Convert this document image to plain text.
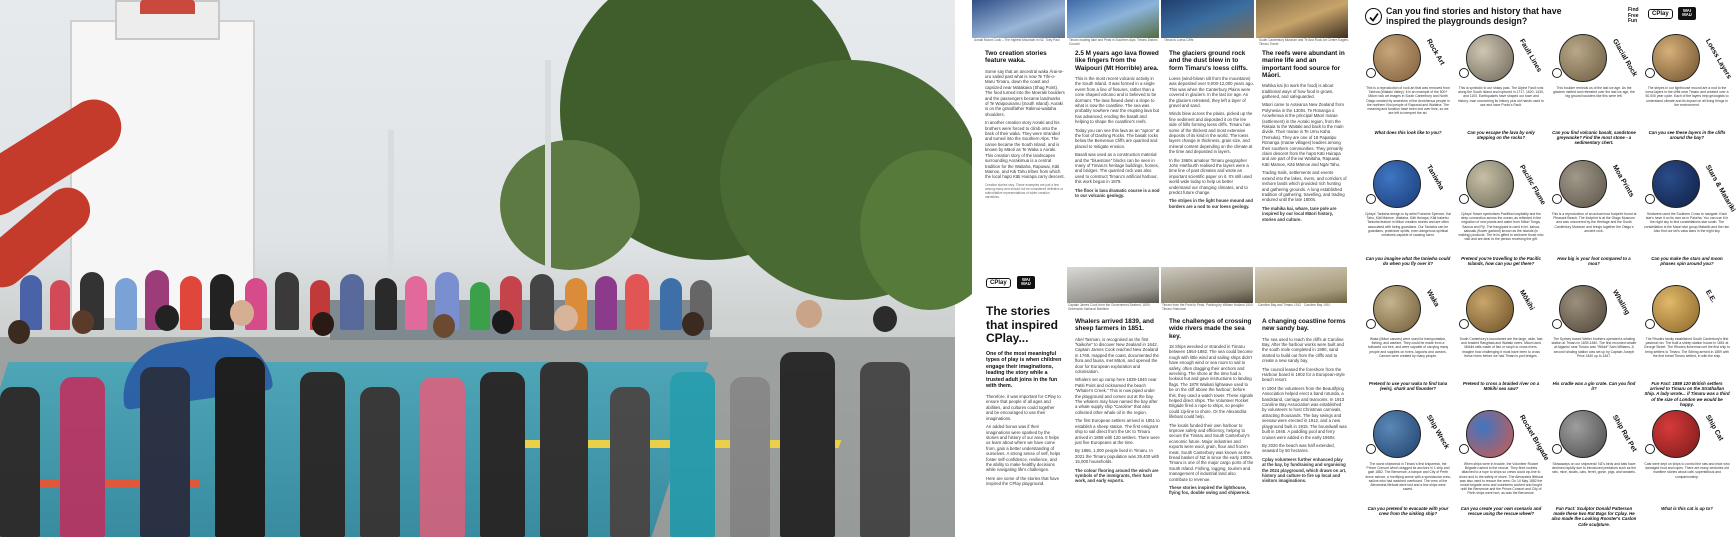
Aoraki Mount Cook – The highest Mountain in NZ. Toby Paul	Timaru boating lake and Peak in Southern Alps. Timaru District Council
Timaru's Loess Cliffs	South Canterbury Museum and Te Ana Rock Art Centre Eagles. Timaru Travel
Two creation stories feature waka.
Some say that an ancestral waka Ārai-te-uru sailed past what is now Te Tihi-o-Maru Timaru, down the coast and capsized near Matakaea (Shag Point). The food turned into the Moeraki boulders and the passengers became landmarks of Te Waipounamu (South Island). Aoraki is on the grandfather Rakinui-waitaha shoulders.
In another creation story Aoraki and his brothers were forced to climb onto the back of their waka. They were stranded and turned into the Southern Alps. The canoe became the South Island, and is known by Māori as Te Waka o Aoraki. This creation story of the landscapes surrounding Aorakimua is a central tradition for the Waitaha, Rapuwai, Kāti Mamoe, and Kāi Tahu tribes from which the local hapū Kāti Huirapa carry descent.
Creation stories vary. These examples are just a few among many and should not be considered definitive or authoritative representations of wider creation narratives.
2.5 M years ago lava flowed like fingers from the Waipouri (Mt Horrible) area.
This is the most recent volcanic activity in the South Island. It was formed in a single event from a line of fissures, rather than a cone shaped volcano and is believed to be dormant. The lava flowed down a slope to what is now the coastline. The sea was probably nowhere near the erupting lava but has advanced, eroding the basalt and helping to shape the coastline's reefs.
Today you can see this lava as an "apron" at the foot of Dashing Rocks. The basalt rocks below the Benvenue Cliffs are quarried and placed to mitigate erosion.
Basalt was used as a construction material and the "bluestone" blocks can be seen in many of Timaru's heritage buildings, homes, and bridges. The quarried rock was also used to construct Timaru's artificial harbour, this work began in 1878.
The floor is lava dramatic course is a nod to our volcanic geology.
The glaciers ground rock and the dust blew in to form Timaru's loess cliffs.
Loess (wind-blown silt from the mountains) was deposited over 9,000-12,000 years ago. This was when the Canterbury Plains were covered in glaciers. In the last ice age. As the glaciers retreated, they left a layer of gravel and sand.
Winds blew across the plains, picked up the fine sediment and deposited it on the lee side of hills forming loess cliffs. Timaru has some of the thickest and most extensive deposits of its kind in the world. The loess layers change in thickness, grain size, and mineral content depending on the climate at the time and deposited in layers.
In the 1960s amateur Timaru geographer John Hartfourth realised the layers were a time line of past climates and wrote an important scientific paper on it. It's still used world wide today to help us better understand our changing climates, and to predict future change.
The stripes in the light house mound and borders are a nod to our loess geology.
The reefs were abundant in marine life and an important food source for Māori.
Mahika kai (to work the food) is about traditional ways of how food is grown, gathered, and safeguarded.
Māori came to Aotearoa New Zealand from Polynesia in the 1300s. Te Rūnanga o Arowhenua is the principal Māori marae (settlement) in the Aoraki region, from the Rakaia to the Waitaki and back to the main divide. Their marae is Te Umu Kaha (Temuka). They are one of 18 Papatipu Rūnanga (marae villages) leaders among their southern communities. They primarily claim descent from the hapū Kāti Huirapa and are part of the iwi Waitaha, Rapuwai, Kāti Mamoe, Kāti Māmoe and Ngāi Tahu.
Trading trails, settlements and events extend into the lakes, rivers, and corridors of inshore lands which provided rich hunting and gathering grounds. A long established tradition of gathering, travelling, and trading endured until the late 1800s.
The mahika kai, whare, tane pole are inspired by our local Māori history, stories and culture.
CPlay
WAI MAU
Captain James Cook from the Government-Seabed, 1809. Greenwich National Maritime
Timaru from the Point to Peak, Painting by William Holland 1900. Timaru Historical
Caroline Bay and Timaru 1912 Caroline Bay 1910
The stories that inspired CPlay...
One of the most meaningful types of play is when children engage their imaginations, leading the story while a trusted adult joins in the fun with them.
Therefore, it was important for CPlay to ensure that people of all ages and abilities, and cultures could together and be encouraged to use their imaginations.
An added bonus was if their imaginations were sparked by the stories and history of our area. It helps us learn about where we have come from, gain a better understanding of ourselves. A strong sense of self, helps foster self-confidence, resilience, and the ability to make healthy decisions while navigating life's challenges.
Here are some of the stories that have inspired the CPlay playground.
Whalers arrived 1839, and sheep farmers in 1851.
Abel Tasman, is recognised as the first "kaikohe" to discover New Zealand in 1642. Captain James Cook reached New Zealand in 1769, mapped the coast, documented the flora and fauna, met Māori, and opened the door for European exploration and colonisation.
Whalers set up camp here 1839-1840 near Patiti Point and nicknamed the beach "Whaler's Creek." This is now piped under the playground and comes out at the bay. The whalers may have named the bay after a whale supply ship "Caroline" that also collected other whale oil in the region.
The first European settlers arrived in 1851 to establish a sheep station. The first emigrant ship to sail direct from the UK to Timaru arrived in 1859 with 120 settlers. There were just five Europeans at the time.
By 1866, 1,000 people lived in Timaru. In 2021 the Timaru population was 29,400 with 15,000 households.
The colour flooring around the winch are symbols of the immigrants, their hard work, and early exports.
The challenges of crossing wide rivers made the sea key.
18 Ships wrecked or stranded in Timaru between 1864-1882. The sea could become rough with little wind and sailing ships didn't have enough wind or sea room to sail to safety, often dragging their anchors and wrecking. The shore at the time had a lookout hut and gave instructions to landing flags. The 1878 Waikati lightwave used to be on the cliff above the harbour; before this, they used a watch tower. These signals helped direct ships. The Volunteer Rocket Brigade fired a rope to ships, so people could zip-line to shore. Or the Alexandria lifeboat could help.
The locals funded their own harbour to improve safety and efficiency, helping to secure the Timaru and South Canterbury's economic future. Major industries and exports were wool, grain, flour and frozen meat. South Canterbury was known as the bread basket of NZ in since the early 1900s. Timaru is one of the major cargo ports of the South Island. Fishing, logging, tourism and management of industrial land also contribute to revenue.
These stories inspired the lighthouse, flying fox, double swing and shipwreck.
A changing coastline forms new sandy bay.
The sea used to reach the cliffs at Caroline Bay. After the harbour works were built and the south mole completed in 1890, sand started to build out from the cliffs and to create a new sandy bay.
The council leased the foreshore from the Harbour board in 1902 for a European-style beach resort.
In 1904 the volunteers from the Beautifying Association helped erect a band rotunda, a bandstand, carriage and tearooms. In 1913 Caroline Bay Association was established by volunteers to host Christmas carnivals, attracting thousands. The bay swings and seesaw were erected in 1912, and a new playground built in 1915. The boundwall was built in 1946. A paddling pool and ferry cruises were added in the early 1960s.
By 2020 the beach was half extended, seaward by 50 hectares.
Cplay volunteers further enhanced play at the bay, by fundraising and organising the 2024 playground, which draws on art, history and culture to fire up local and visitors imaginations.
Can you find stories and history that have inspired the playgrounds design?
Find Free Fun
CPlay
WAI MAU
Rock Art
This is a reproduction of rock art that was removed from Takiroa (Waitaki Valley). It is an example of the 500+ Māori rock art images in South Canterbury and North Otago created by ancestors of the Arowhenua people in the northern Kiwi people of Rapuwai and Waitaha. The meaning and function have been lost over time, so we are left to interpret the art.
What does this look like to you?
Fault Lines
This is symbolic to our shaky past. The Alpine Fault runs along the South Island and ruptured in 1717, 1620, 1430, and 1100. Earthquakes have shaped our town and history, man uncovering its history plus old hands used to use and have Ponto's Fault.
Can you escape the lava by only stepping on the rocks?
Glacial Rock
This boulder reminds us of the last ice age. As the glaciers melted and retreated over the last ice age, the big ground boulders like this were left.
Can you find volcanic basalt, sandstone greywacke? Find the most stone - a sedimentary chert.
Loess Layers
The stripes in our lighthouse mound are a nod to the loess layers in the cliffs near Timaru and created over a 50,000 year cycle. Each of the layers help geologists to understand climate and its impact on all living things in the environment.
Can you see these layers in the cliffs around the bay?
Taniwha
Cplays' Taniwha design is by artist Francine Spencer, Kai Tahu, Kāti Mamoe, Waitaha, Kāti Huirapa, Kāti Irakehu. Taniwha feature in Māori creation stories and are often associated with being guardians. Our Taniwha can be guardians, protective spirits, even dangerous spiritual creatures capable of causing harm.
Can you imagine what the taniwha could do when you fly over it?
Pacific Flame
Cplays' flower symbolises Pacifika hospitality and the deep connection across the ocean, as reflected in the migration of new plants and water from Māori Tonga, Samoa and Fiji. The frangipani is used in lei, kahoa, salusalu (flower garland) known as the Islands (in making) products. The lei is gifted to welcome those who visit and are dear to the person receiving the gift.
Pretend you're travelling to the Pacific Islands, how can you get there?
Moa Prints
This is a reproduction of an actual moa footprint found at Pleasant Beach. The footprint is at the Otago Museum and was uncovered by the Heritage and the South Canterbury Museum and brings together the Otago's ancient rock.
How big is your foot compared to a moa?
Stars & Matariki
Seafarers used the Southern Cross to navigate. Each star's have it on its own as in Pakeha. You can use it in the night sky to find constellations star south. The constellation is the Maori star group Matariki and the rise. Also find our iwi's vaka stars in the night sky.
Can you make the stars and moon phases spin around you?
Waka
Waka (Māori canoes) were used for transportation, fishing, and warfare. They could be made from a hollowed out tree, and were capable of carrying many people and supplies on rivers, lagoons and oceans. Canoes were created by many people.
Pretend to use your waka to find tuna (eels), shark and flounder?
Mōkihi
South Canterbury's boundaries are the large, wide, fast and braided Rangitata and Waitaki rivers. Māori used Mōkihi rafts made of flax or raupō to cross rivers. Imagine how challenging it must have been to cross these rivers before we had Timaru's port bridges.
Pretend to cross a braided river on a Mōkihi sea saw?
Whaling
The Sydney based Weller brothers operated a whaling station at Timaru in 1839-1840. The first recorded whaler at Aigantui near Timaru was "Wiklof" Sam Williams. A second whaling station was set up by Captain Joseph Price 1840 up to 1847.
His cradle was a gin crate. Can you find it?
E.E.
The Rhodes family established South Canterbury's first pastoral run. The built a sheep station house in 1851 at George Street. The Rhodes fisherman set the first ship to bring settlers to Timaru. The Stirling arrived in 1859 with the first bread Timaru settled, in with the ship.
Fun Fact: 1859 120 British settlers arrived to Timaru on the Strathallan Ship. A lady wrote... if Timaru was a third of the size of London we would be happy.
Ship Wreck
The worst shipwreck in Timaru's first shipwreck, the Prince Consort which dragged its anchors in 1 ship and gale 1882. The Benvenue, a barque and City of Perth drove ashore, a horrifying scene with a spectacular crew, sailors who had watched overboard. The crew of the Alexandria lifeboat were lost and a few ships were saved.
Can you pretend to evacuate with your crew from the sinking ship?
Rocket Brigade
When ships were in trouble, the Volunteer Rocket Brigade rushed to the rescue. They fired rockets attached to a rope to ships so crews could zip-line to shore and to the safety of shore. The Alexandria lifeboat was also used to rescue the crew. On 14 May 1882 the rocket brigade crew and volunteers worked and fought until the Benvenue and the Prince Consort and City of Perth ships were hurt, as was the Benvenue.
Can you create your own scenario and rescue using the rescue wheel?
Ship Rat Pet
Stowaways on our shipwreck! NZ's birds and bats have declined rapidly due to introduced predators such as the rats, mice, stoats, cats, ferret, gorse, pigs, and weasels.
Fun Fact: Sculptor Donald Patterson made these two Rat Bags for Cplay. He also made the Looking Rooster's Caslon Cafe sculpture.
Ship Cat
Cats were kept on ships to control the rats and mice who damaged food and ropes. There are many centuries old maritime stories about cats' superstitious and companionship.
What is this cat is up to?
